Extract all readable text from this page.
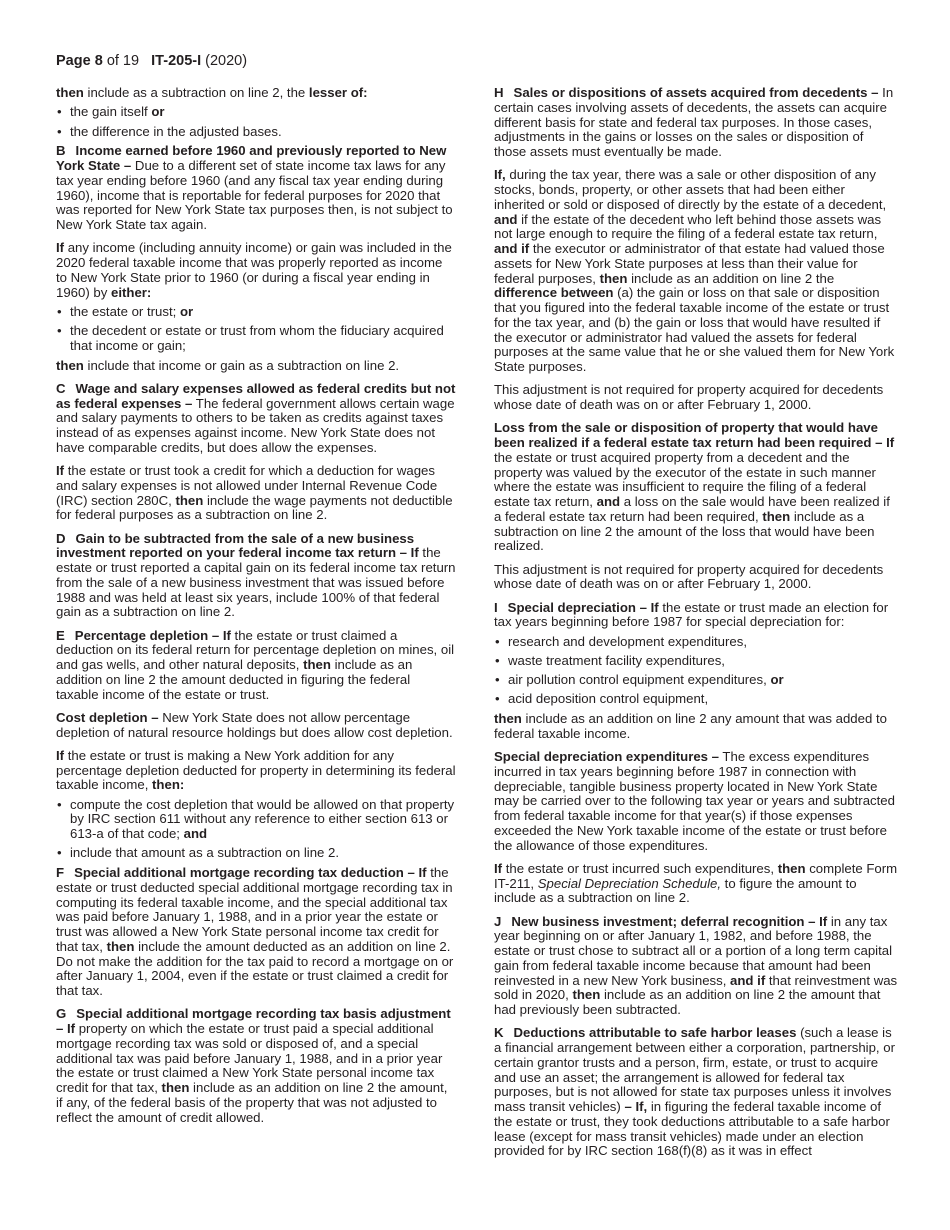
Page 8 of 19 IT-205-I (2020)

then include as a subtraction on line 2, the lesser of:

• the gain itself or
• the difference in the adjusted bases.

B Income earned before 1960 and previously reported to New York State – Due to a different set of state income tax laws for any tax year ending before 1960 (and any fiscal tax year ending during 1960), income that is reportable for federal purposes for 2020 that was reported for New York State tax purposes then, is not subject to New York State tax again.

If any income (including annuity income) or gain was included in the 2020 federal taxable income that was properly reported as income to New York State prior to 1960 (or during a fiscal year ending in 1960) by either:

• the estate or trust; or
• the decedent or estate or trust from whom the fiduciary acquired that income or gain;

then include that income or gain as a subtraction on line 2.

C Wage and salary expenses allowed as federal credits but not as federal expenses – The federal government allows certain wage and salary payments to others to be taken as credits against taxes instead of as expenses against income. New York State does not have comparable credits, but does allow the expenses.

If the estate or trust took a credit for which a deduction for wages and salary expenses is not allowed under Internal Revenue Code (IRC) section 280C, then include the wage payments not deductible for federal purposes as a subtraction on line 2.

D Gain to be subtracted from the sale of a new business investment reported on your federal income tax return – If the estate or trust reported a capital gain on its federal income tax return from the sale of a new business investment that was issued before 1988 and was held at least six years, include 100% of that federal gain as a subtraction on line 2.

E Percentage depletion – If the estate or trust claimed a deduction on its federal return for percentage depletion on mines, oil and gas wells, and other natural deposits, then include as an addition on line 2 the amount deducted in figuring the federal taxable income of the estate or trust.

Cost depletion – New York State does not allow percentage depletion of natural resource holdings but does allow cost depletion.

If the estate or trust is making a New York addition for any percentage depletion deducted for property in determining its federal taxable income, then:

• compute the cost depletion that would be allowed on that property by IRC section 611 without any reference to either section 613 or 613-a of that code; and
• include that amount as a subtraction on line 2.

F Special additional mortgage recording tax deduction – If the estate or trust deducted special additional mortgage recording tax in computing its federal taxable income, and the special additional tax was paid before January 1, 1988, and in a prior year the estate or trust was allowed a New York State personal income tax credit for that tax, then include the amount deducted as an addition on line 2. Do not make the addition for the tax paid to record a mortgage on or after January 1, 2004, even if the estate or trust claimed a credit for that tax.

G Special additional mortgage recording tax basis adjustment – If property on which the estate or trust paid a special additional mortgage recording tax was sold or disposed of, and a special additional tax was paid before January 1, 1988, and in a prior year the estate or trust claimed a New York State personal income tax credit for that tax, then include as an addition on line 2 the amount, if any, of the federal basis of the property that was not adjusted to reflect the amount of credit allowed.

H Sales or dispositions of assets acquired from decedents – In certain cases involving assets of decedents, the assets can acquire different basis for state and federal tax purposes. In those cases, adjustments in the gains or losses on the sales or disposition of those assets must eventually be made.

If, during the tax year, there was a sale or other disposition of any stocks, bonds, property, or other assets that had been either inherited or sold or disposed of directly by the estate of a decedent, and if the estate of the decedent who left behind those assets was not large enough to require the filing of a federal estate tax return, and if the executor or administrator of that estate had valued those assets for New York State purposes at less than their value for federal purposes, then include as an addition on line 2 the difference between (a) the gain or loss on that sale or disposition that you figured into the federal taxable income of the estate or trust for the tax year, and (b) the gain or loss that would have resulted if the executor or administrator had valued the assets for federal purposes at the same value that he or she valued them for New York State purposes.

This adjustment is not required for property acquired for decedents whose date of death was on or after February 1, 2000.

Loss from the sale or disposition of property that would have been realized if a federal estate tax return had been required – If the estate or trust acquired property from a decedent and the property was valued by the executor of the estate in such manner where the estate was insufficient to require the filing of a federal estate tax return, and a loss on the sale would have been realized if a federal estate tax return had been required, then include as a subtraction on line 2 the amount of the loss that would have been realized.

This adjustment is not required for property acquired for decedents whose date of death was on or after February 1, 2000.

I Special depreciation – If the estate or trust made an election for tax years beginning before 1987 for special depreciation for:

• research and development expenditures,
• waste treatment facility expenditures,
• air pollution control equipment expenditures, or
• acid deposition control equipment,

then include as an addition on line 2 any amount that was added to federal taxable income.

Special depreciation expenditures – The excess expenditures incurred in tax years beginning before 1987 in connection with depreciable, tangible business property located in New York State may be carried over to the following tax year or years and subtracted from federal taxable income for that year(s) if those expenses exceeded the New York taxable income of the estate or trust before the allowance of those expenditures.

If the estate or trust incurred such expenditures, then complete Form IT-211, Special Depreciation Schedule, to figure the amount to include as a subtraction on line 2.

J New business investment; deferral recognition – If in any tax year beginning on or after January 1, 1982, and before 1988, the estate or trust chose to subtract all or a portion of a long term capital gain from federal taxable income because that amount had been reinvested in a new New York business, and if that reinvestment was sold in 2020, then include as an addition on line 2 the amount that had previously been subtracted.

K Deductions attributable to safe harbor leases (such a lease is a financial arrangement between either a corporation, partnership, or certain grantor trusts and a person, firm, estate, or trust to acquire and use an asset; the arrangement is allowed for federal tax purposes, but is not allowed for state tax purposes unless it involves mass transit vehicles) – If, in figuring the federal taxable income of the estate or trust, they took deductions attributable to a safe harbor lease (except for mass transit vehicles) made under an election provided for by IRC section 168(f)(8) as it was in effect
